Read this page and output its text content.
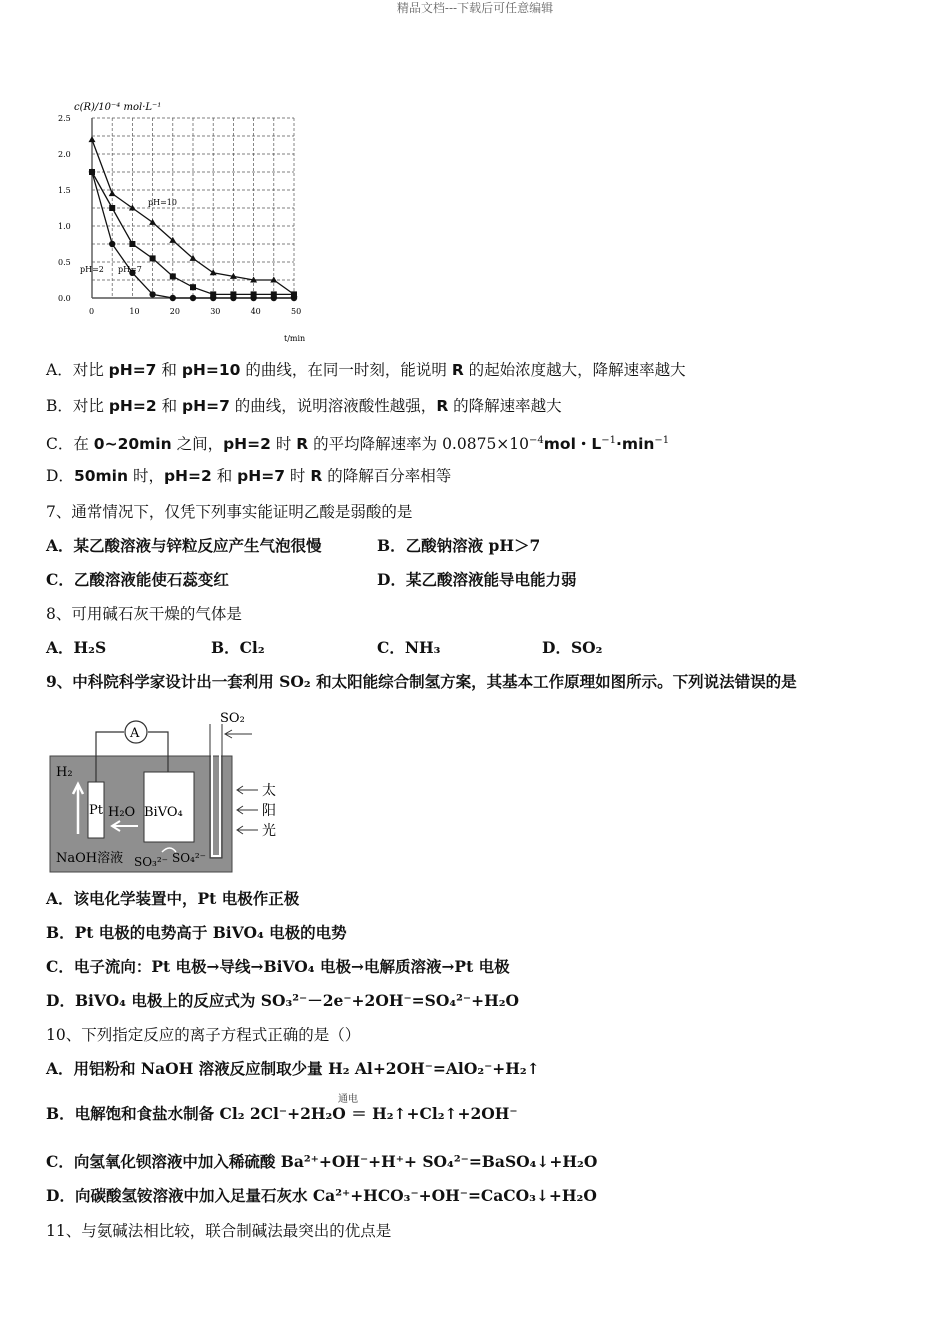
精品文档---下载后可任意编辑
c(R)/10⁻⁴ mol·L⁻¹
t/min
2.5
2.0
1.5
1.0
0.5
0.0
0	10	20	30	40	50
pH=10
pH=2 pH=7
A．对比 pH=7 和 pH=10 的曲线，在同一时刻，能说明 R 的起始浓度越大，降解速率越大
B．对比 pH=2 和 pH=7 的曲线，说明溶液酸性越强，R 的降解速率越大
C．在 0~20min 之间，pH=2 时 R 的平均降解速率为 $0.0875\times 10^{-4}mol$・$L^{-1}\cdot\min^{-1}$
D．50min 时，pH=2 和 pH=7 时 R 的降解百分率相等
7、通常情况下，仅凭下列事实能证明乙酸是弱酸的是
A．某乙酸溶液与锌粒反应产生气泡很慢	B．乙酸钠溶液 pH＞7
C．乙酸溶液能使石蕊变红	D．某乙酸溶液能导电能力弱
8、可用碱石灰干燥的气体是
A．H₂S	B．Cl₂	C．NH₃	D．SO₂
9、中科院科学家设计出一套利用 SO₂ 和太阳能综合制氢方案，其基本工作原理如图所示。下列说法错误的是
A
Pt	BiVO₄
H₂O
H₂
SO₂
NaOH溶液 SO₃²⁻ SO₄²⁻
太
阳
光
A．该电化学装置中，Pt 电极作正极
B．Pt 电极的电势高于 BiVO₄ 电极的电势
C．电子流向：Pt 电极→导线→BiVO₄ 电极→电解质溶液→Pt 电极
D．BiVO₄ 电极上的反应式为 SO₃²⁻－2e⁻+2OH⁻=SO₄²⁻+H₂O
10、下列指定反应的离子方程式正确的是（）
A．用铝粉和 NaOH 溶液反应制取少量 H₂ Al+2OH⁻=AlO₂⁻+H₂↑
通电
B．电解饱和食盐水制备 Cl₂ 2Cl⁻+2H₂O ＝ H₂↑+Cl₂↑+2OH⁻
C．向氢氧化钡溶液中加入稀硫酸 Ba²⁺+OH⁻+H⁺+ SO₄²⁻=BaSO₄↓+H₂O
D．向碳酸氢铵溶液中加入足量石灰水 Ca²⁺+HCO₃⁻+OH⁻=CaCO₃↓+H₂O
11、与氨碱法相比较，联合制碱法最突出的优点是
